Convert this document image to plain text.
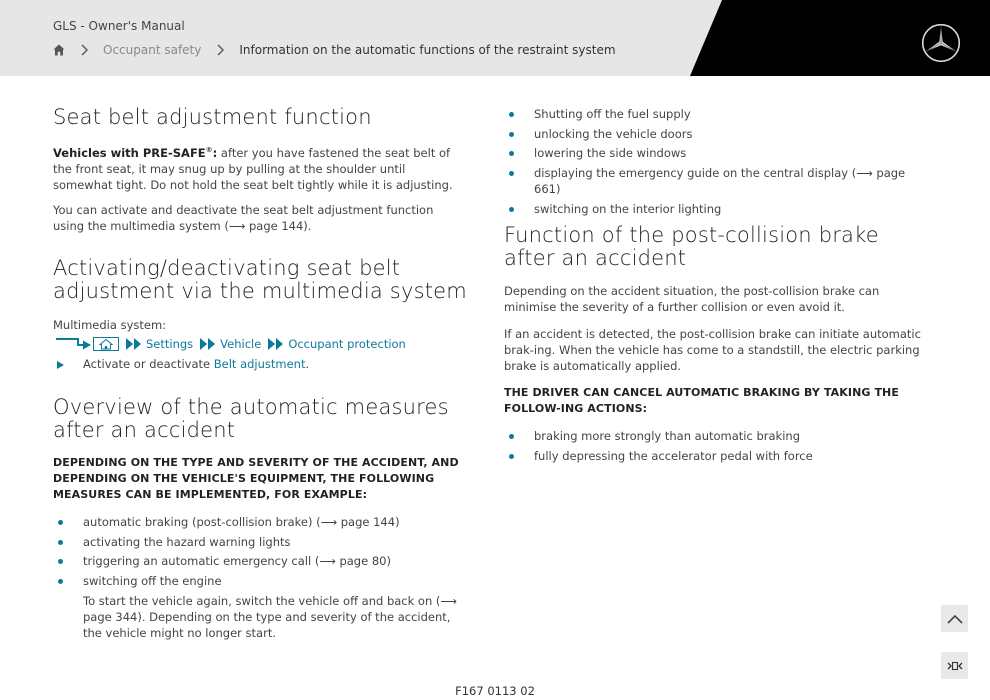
GLS - Owner's Manual
Occupant safety	Information on the automatic functions of the restraint system
Seat belt adjustment function

Vehicles with PRE-SAFE®: after you have fastened the seat belt of the front seat, it may snug up by pulling at the shoulder until somewhat tight. Do not hold the seat belt tightly while it is adjusting.

You can activate and deactivate the seat belt adjustment function using the multimedia system (⟶ page 144).

Activating/deactivating seat belt adjustment via the multimedia system

Multimedia system:

Settings Vehicle Occupant protection
Activate or deactivate Belt adjustment.
Overview of the automatic measures after an accident

DEPENDING ON THE TYPE AND SEVERITY OF THE ACCIDENT, AND DEPENDING ON THE VEHICLE'S EQUIPMENT, THE FOLLOWING MEASURES CAN BE IMPLEMENTED, FOR EXAMPLE:

automatic braking (post-collision brake) (⟶ page 144)
activating the hazard warning lights
triggering an automatic emergency call (⟶ page 80)
switching off the engine
To start the vehicle again, switch the vehicle off and back on (⟶ page 344). Depending on the type and severity of the accident, the vehicle might no longer start.
Shutting off the fuel supply
unlocking the vehicle doors
lowering the side windows
displaying the emergency guide on the central display (⟶ page 661)
switching on the interior lighting
Function of the post-collision brake after an accident

Depending on the accident situation, the post-collision brake can minimise the severity of a further collision or even avoid it.

If an accident is detected, the post-collision brake can initiate automatic brak-ing. When the vehicle has come to a standstill, the electric parking brake is automatically applied.

THE DRIVER CAN CANCEL AUTOMATIC BRAKING BY TAKING THE FOLLOW-ING ACTIONS:

braking more strongly than automatic braking
fully depressing the accelerator pedal with force
F167 0113 02
